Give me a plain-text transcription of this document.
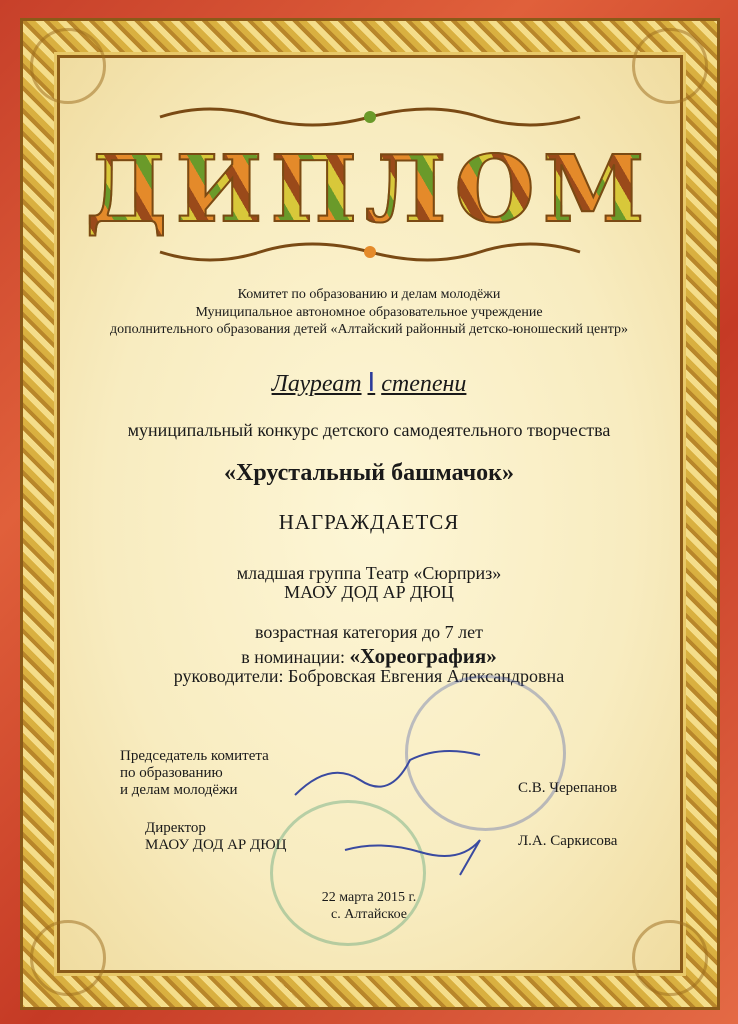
ДИПЛОМ
Комитет по образованию и делам молодёжи
Муниципальное автономное образовательное учреждение
дополнительного образования детей «Алтайский районный детско-юношеский центр»
Лауреат I степени
муниципальный конкурс детского самодеятельного творчества
«Хрустальный башмачок»
НАГРАЖДАЕТСЯ
младшая группа Театр «Сюрприз»
МАОУ ДОД АР ДЮЦ
возрастная категория до 7 лет
в номинации: «Хореография»
руководители: Бобровская Евгения Александровна
Председатель комитета
по образованию
и делам молодёжи	С.В. Черепанов
Директор
МАОУ ДОД АР ДЮЦ	Л.А. Саркисова
22 марта 2015 г.
с. Алтайское
